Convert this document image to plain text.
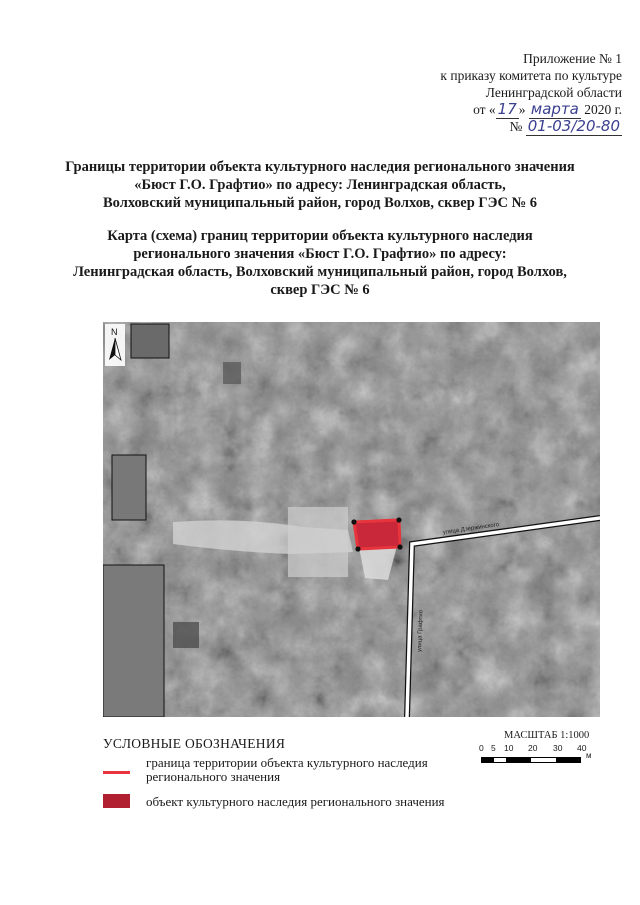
Приложение № 1
к приказу комитета по культуре
Ленинградской области
от « 17 » марта 2020 г.
№ 01-03/20-80
Границы территории объекта культурного наследия регионального значения
«Бюст Г.О. Графтио» по адресу: Ленинградская область,
Волховский муниципальный район, город Волхов, сквер ГЭС № 6
Карта (схема) границ территории объекта культурного наследия
регионального значения «Бюст Г.О. Графтио» по адресу:
Ленинградская область, Волховский муниципальный район, город Волхов,
сквер ГЭС № 6
улица Дзержинского
улица Графтио
N
УСЛОВНЫЕ ОБОЗНАЧЕНИЯ
граница территории объекта культурного наследия регионального значения
объект культурного наследия регионального значения
МАСШТАБ 1:1000
0 5 10 20 30 40
м
